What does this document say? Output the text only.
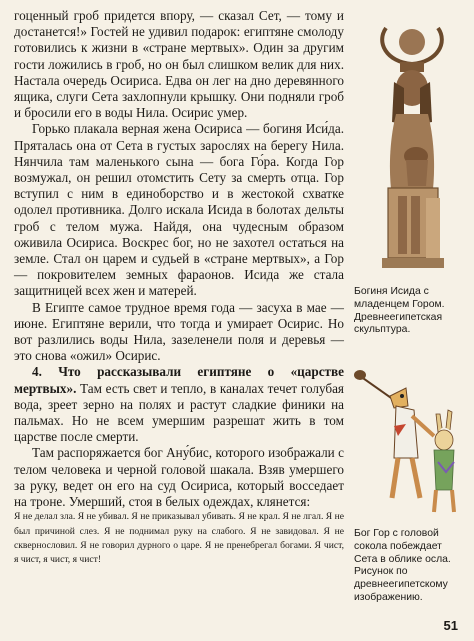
гоценный гроб придется впору, — сказал Сет, — тому и достанется!» Гостей не удивил подарок: египтяне смолоду готовились к жизни в «стране мертвых». Один за другим гости ложились в гроб, но он был слишком велик для них. Настала очередь Осириса. Едва он лег на дно деревянного ящика, слуги Сета захлопнули крышку. Они подняли гроб и бросили его в воды Нила. Осирис умер.

Горько плакала верная жена Осириса — богиня Иси́да. Пряталась она от Сета в густых зарослях на берегу Нила. Нянчила там маленького сына — бога Го́ра. Когда Гор возмужал, он решил отомстить Сету за смерть отца. Гор вступил с ним в единоборство и в жестокой схватке одолел противника. Долго искала Исида в болотах дельты гроб с телом мужа. Найдя, она чудесным образом оживила Осириса. Воскрес бог, но не захотел остаться на земле. Стал он царем и судьей в «стране мертвых», а Гор — покровителем земных фараонов. Исида же стала защитницей всех жен и матерей.

В Египте самое трудное время года — засуха в мае — июне. Египтяне верили, что тогда и умирает Осирис. Но вот разлились воды Нила, зазеленели поля и деревья — это снова «ожил» Осирис.

4. Что рассказывали египтяне о «царстве мертвых». Там есть свет и тепло, в каналах течет голубая вода, зреет зерно на полях и растут сладкие финики на пальмах. Но не всем умершим разрешат жить в том царстве после смерти.

Там распоряжается бог Ану́бис, которого изображали с телом человека и черной головой шакала. Взяв умершего за руку, ведет он его на суд Осириса, который восседает на троне. Умерший, стоя в белых одеждах, клянется:

Я не делал зла. Я не убивал. Я не приказывал убивать. Я не крал. Я не лгал. Я не был причиной слез. Я не поднимал руку на слабого. Я не завидовал. Я не сквернословил. Я не говорил дурного о царе. Я не пренебрегал богами. Я чист, я чист, я чист, я чист!

Богиня Исида с младенцем Гором. Древнеегипетская скульптура.
Бог Гор с головой сокола побеждает Сета в облике осла. Рисунок по древнеегипетскому изображению.
51
